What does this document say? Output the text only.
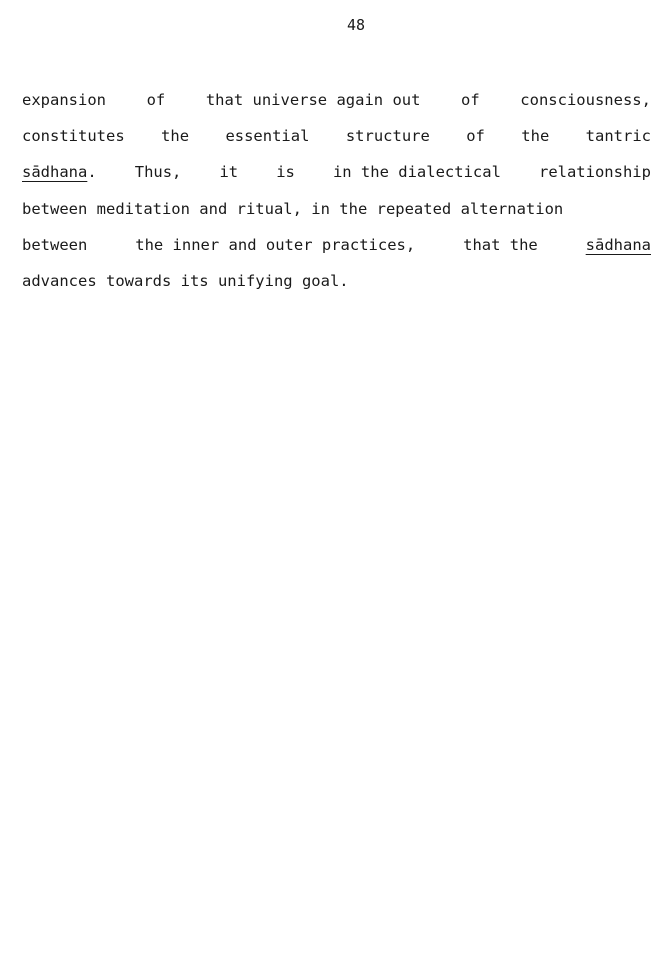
48
expansion	of	that universe again out	of	consciousness,
constitutes the essential structure of the tantric
sādhana. Thus, it is in the dialectical relationship
between meditation and ritual, in the repeated alternation
between	the inner and outer practices,	that the	sādhana
advances towards its unifying goal.
